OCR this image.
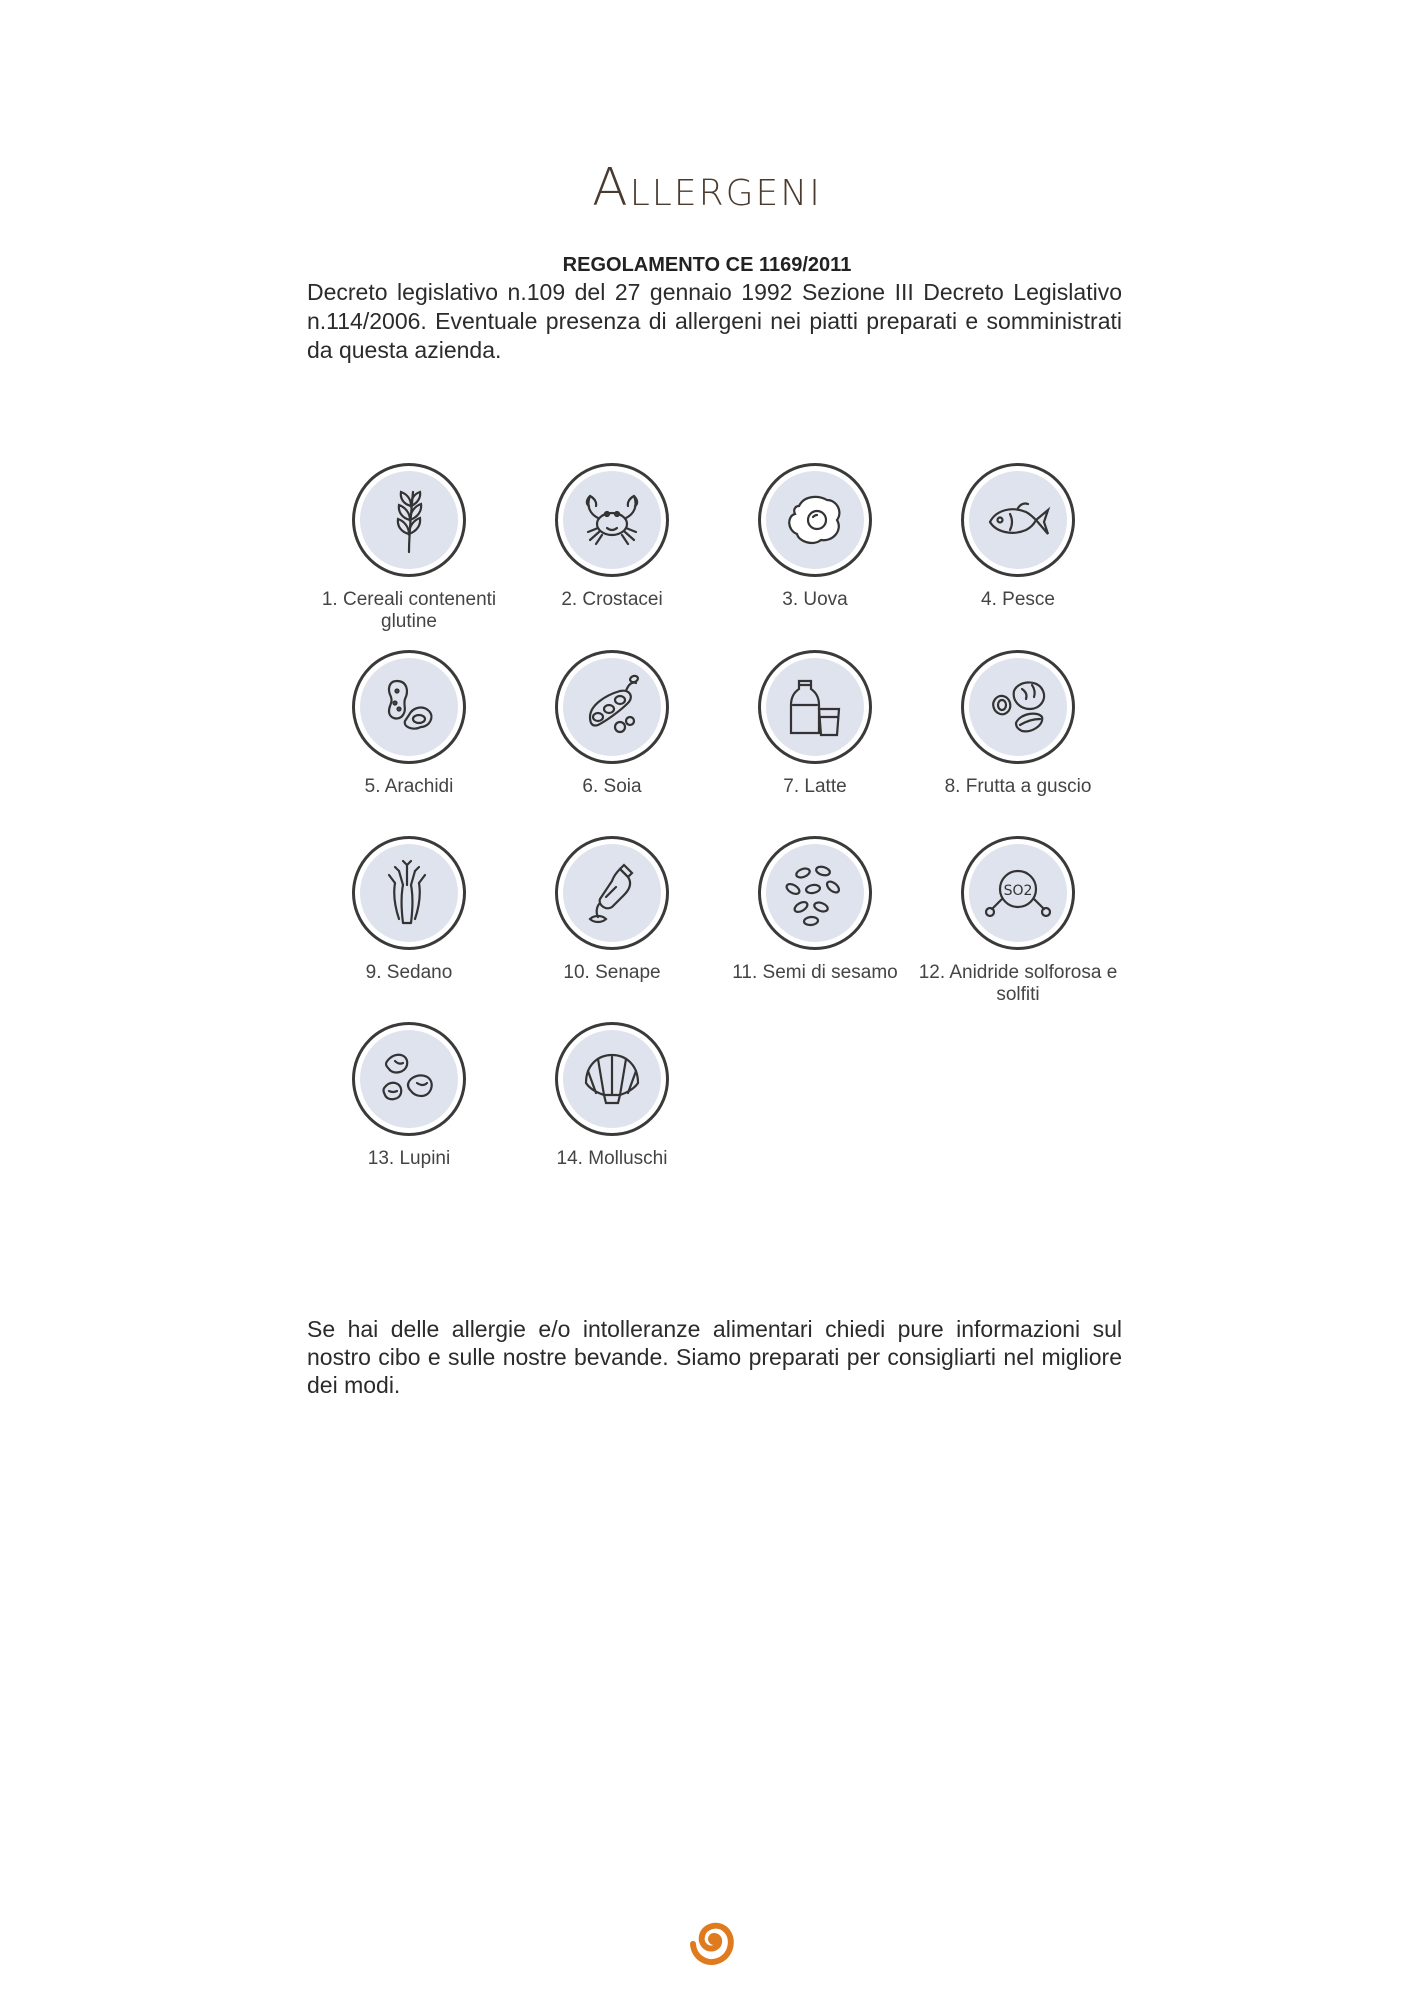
Allergeni
REGOLAMENTO CE 1169/2011

Decreto legislativo n.109 del 27 gennaio 1992 Sezione III Decreto Legislativo n.114/2006. Eventuale presenza di allergeni nei piatti preparati e somministrati da questa azienda.

1. Cereali contenenti glutine
2. Crostacei	3. Uova	4. Pesce
5. Arachidi	6. Soia	7. Latte	8. Frutta a guscio
9. Sedano	10. Senape	11. Semi di sesamo
SO2
12. Anidride solforosa e solfiti
13. Lupini	14. Molluschi

Se hai delle allergie e/o intolleranze alimentari chiedi pure informazioni sul nostro cibo e sulle nostre bevande. Siamo preparati per consigliarti nel migliore dei modi.
